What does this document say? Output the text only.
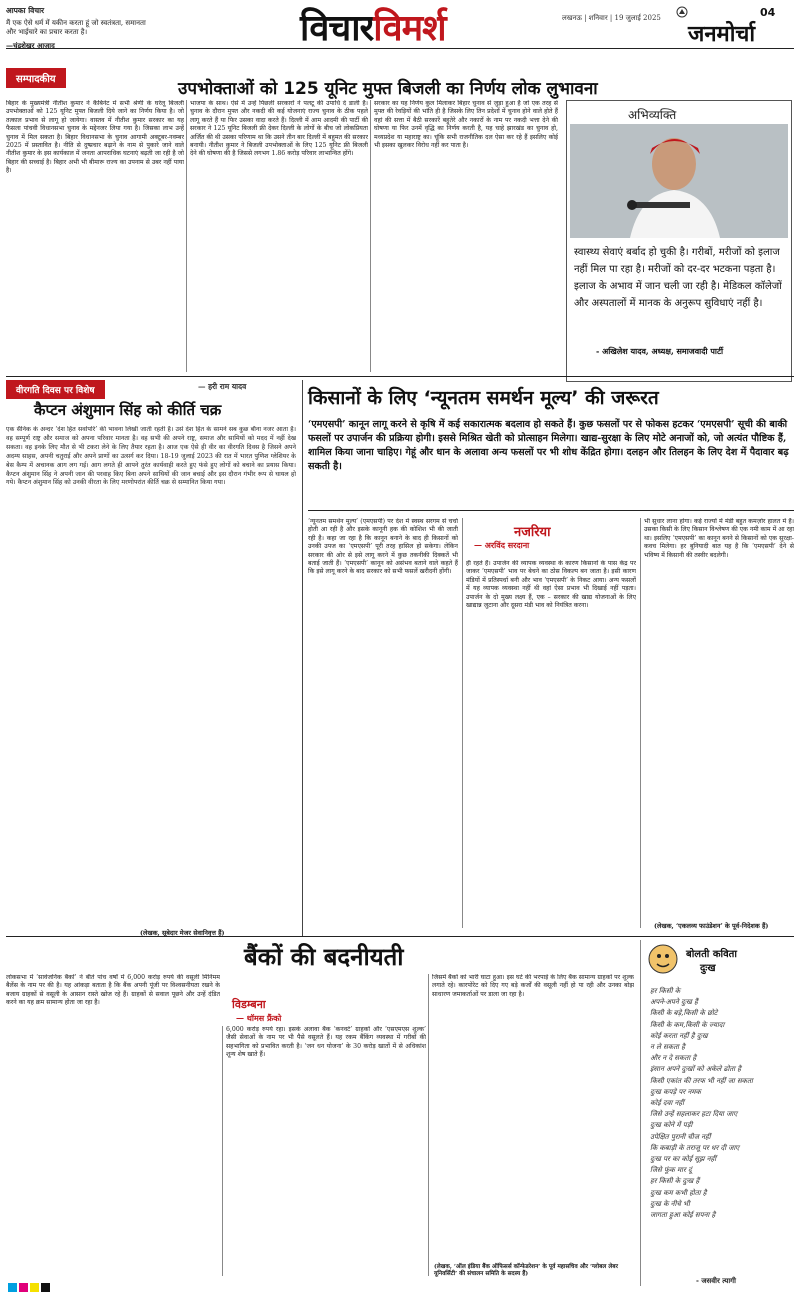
आपका विचार
मैं एक ऐसे धर्म में यकीन करता हूं जो स्वतंत्रता, समानता और भाईचारे का प्रचार करता है।
—चंद्रशेखर आजाद	विचारविमर्श	लखनऊ | शनिवार | 19 जुलाई 2025	04
जनमोर्चा
सम्पादकीय	उपभोक्ताओं को 125 यूनिट मुफ्त बिजली का निर्णय लोक लुभावना
बिहार के मुख्यमंत्री नीतीश कुमार ने कैबिनेट में सभी श्रेणी के घरेलू बिजली उपभोक्ताओं को 125 यूनिट मुफ्त बिजली दिये जाने का निर्णय किया है। जो तत्काल प्रभाव से लागू हो जायेगा। वास्तव में नीतीश कुमार सरकार का यह फैसला पांचवी विधानसभा चुनाव के मद्देनजर लिया गया है। जिसका लाभ उन्हें चुनाव में मिल सकता है। बिहार विधानसभा के चुनाव आगामी अक्टूबर-नवम्बर 2025 में प्रस्तावित है। नीति से दुष्प्रचार बढ़ाने के नाम से पुकारे जाने वाले नीतीश कुमार के इस कार्यकाल में जनता आपराधिक घटनाएं बढ़ती जा रही है जो बिहार की सच्चाई है। बिहार अभी भी बीमारू राज्य का उपनाम से उबर नहीं पाया है।
भाजपा के साथ। ऐसे में उन्हें पिछली सरकारों ने पलटू की उपाधि दे डाली है। चुनाव के दौरान मुफ्त और नकदी की कई योजनाएं राज्य चुनाव के ठीक पहले लागू करते हैं या फिर उसका वादा करते हैं। दिल्ली में आम आदमी की पार्टी की सरकार ने 125 यूनिट बिजली फ्री देकर दिल्ली के लोगों के बीच जो लोकप्रियता अर्जित की थी उसका परिणाम था कि उसने तीन बार दिल्ली में बहुमत की सरकार बनायी। नीतीश कुमार ने बिजली उपभोक्ताओं के लिए 125 यूनिट फ्री बिजली देने की घोषणा की है जिससे लगभग 1.86 करोड़ परिवार लाभान्वित होंगे।
सरकार का यह निर्णय कुल मिलाकर बिहार चुनाव से जुड़ा हुआ है जो एक तरह से मुफ्त की रेवड़ियों की भांति ही है जिसके लिए तिन प्रदेशों में चुनाव होने वाले होते हैं वहां की सत्ता में बैठी सरकारें बहुतेरे और नकारों के नाम पर नकदी भत्ता देने की घोषणा या फिर उनमें वृद्धि का निर्णय करती है, यह चाहे झारखंड का चुनाव हो, मध्यप्रदेश या महाराष्ट्र का। चूंकि सभी राजनीतिक दल ऐसा कर रहे हैं इसलिए कोई भी इसका खुलकर विरोध नहीं कर पाता है।
अभिव्यक्ति
स्वास्थ्य सेवाएं बर्बाद हो चुकी है। गरीबों, मरीजों को इलाज नहीं मिल पा रहा है। मरीजों को दर-दर भटकना पड़ता है। इलाज के अभाव में जान चली जा रही है। मेडिकल कॉलेजों और अस्पतालों में मानक के अनुरूप सुविधाएं नहीं है।
- अखिलेश यादव, अध्यक्ष, समाजवादी पार्टी
वीरगति दिवस पर विशेष	— हरी राम यादव
कैप्टन अंशुमान सिंह को कीर्ति चक्र
एक सैनिक के अन्दर ‘देश हित सर्वोपरि’ की भावना लिखी जाती रहती है। उसे देश हित के सामने सब कुछ बौना नजर आता है। वह सम्पूर्ण राष्ट्र और समाज को अपना परिवार मानता है। वह सभी की अपने राष्ट्र, समाज और सामियों को मदद में नहीं देख सकता। वह इनके लिए मौत से भी टकरा लेने के लिए तैयार रहता है। आज एक ऐसे ही वीर का वीरगति दिवस है जिसने अपने अदम्य साहस, अपनी चतुराई और अपने प्राणों का उत्सर्ग कर दिया। 18-19 जुलाई 2023 की रात में भारत पुणिश ग्लेशियर के बेस कैम्प में अचानक आग लग गई। आग लगते ही आपने तुरंत कार्यवाही करते हुए फंसे हुए लोगों को बचाने का प्रयास किया। कैप्टन अंशुमान सिंह ने अपनी जान की परवाह किए बिना अपने साथियों की जान बचाई और इस दौरान गंभीर रूप से घायल हो गये। कैप्टन अंशुमान सिंह को उनकी वीरता के लिए मरणोपरांत कीर्ति चक्र से सम्मानित किया गया।
(लेखक, सूबेदार मेजर सेवानिवृत्त हैं)
किसानों के लिए ‘न्यूनतम समर्थन मूल्य’ की जरूरत
‘एमएसपी’ कानून लागू करने से कृषि में कई सकारात्मक बदलाव हो सकते हैं। कुछ फसलों पर से फोकस हटकर ‘एमएसपी’ सूची की बाकी फसलों पर उपार्जन की प्रक्रिया होगी। इससे मिश्रित खेती को प्रोत्साहन मिलेगा। खाद्य-सुरक्षा के लिए मोटे अनाजों को, जो अत्यंत पौष्टिक हैं, शामिल किया जाना चाहिए। गेहूं और धान के अलावा अन्य फसलों पर भी शोध केंद्रित होगा। दलहन और तिलहन के लिए देश में पैदावार बढ़ सकती है।
नजरिया
— अरविंद सरदाना
‘न्यूनतम समर्थन मूल्य’ (एमएसपी) पर देश में स्वस्थ सरगम से चर्चा होती आ रही है और इसके कानूनी हक की कोशिश भी की जाती रही है। कहा जा रहा है कि कानून बनाने के बाद ही किसानों को उनकी उपज का ‘एमएसपी’ पूरी तरह हासिल हो सकेगा। लेकिन सरकार की ओर से इसे लागू करने में कुछ तकनीकी दिक्कतें भी बताई जाती हैं। ‘एमएसपी’ कानून को असंभव बताने वाले कहते हैं कि इसे लागू करने के बाद सरकार को सभी फसलें खरीदनी होंगी।
ही रहते हैं। उपार्जन की व्यापक व्यवस्था के कारण किसानों के पास केंद्र पर जाकर ‘एमएसपी’ भाव पर बेचने का ठोस विकल्प बन जाता है। इसी कारण मंडियों में प्रतिस्पर्धा बनी और भाव ‘एमएसपी’ के निकट आया। अन्य फसलों में यह व्यापक व्यवस्था नहीं थी वहां ऐसा प्रभाव भी दिखाई नहीं पड़ता। उपार्जन के दो मुख्य लक्ष्य हैं, एक – सरकार की खाद्य योजनाओं के लिए खाद्यान्न जुटाना और दूसरा मंडी भाव को नियंत्रित करना।
भी सुधार लाना होगा। कई राज्यों में मंडी बहुत कमज़ोर हालत में हैं। उसका किसी के लिए किसान विश्लेषण की एक नमी काम में आ रहा था। इसलिए ‘एमएसपी’ का कानून बनने से किसानों को एक सुरक्षा-कवच मिलेगा। हर बुनियादी बात यह है कि ‘एमएसपी’ देने से भविष्य में किसानी की तस्वीर बदलेगी।
(लेखक, ‘एकलव्य फाउंडेशन’ के पूर्व-निदेशक हैं)
बैंकों की बदनीयती
विडम्बना
— थॉमस फ्रैंको
लोकसभा में ‘सार्वजनिक बैंकों’ ने बीते पांच वर्षों में 6,000 करोड़ रुपये की वसूली मिनिमम बैलेंस के नाम पर की है। यह आंकड़ा बताता है कि बैंक अपनी पूंजी पर विश्वसनीयता रखने के बजाय ग्राहकों से वसूली के आसान रास्ते खोज रहे हैं। ग्राहकों से सवाल पूछने और उन्हें दंडित करने का यह क्रम सामान्य होता जा रहा है।
6,000 करोड़ रुपये रहा। इसके अलावा बैंक ‘कनवर्ट’ ग्राहकों और ‘एसएमएस शुल्क’ जैसी सेवाओं के नाम पर भी पैसे वसूलते हैं। यह रकम बैंकिंग व्यवस्था में गरीबों की सहभागिता को प्रभावित करती है। ‘जन धन योजना’ के 30 करोड़ खातों में से अधिकांश शून्य शेष खाते हैं।
जिसमें बैंकों को भारी घाटा हुआ। इस घटे की भरपाई के लिए बैंक सामान्य ग्राहकों पर शुल्क लगाते रहे। कारपोरेट को दिए गए बड़े कर्जों की वसूली नहीं हो पा रही और उनका बोझ साधारण जमाकर्ताओं पर डाला जा रहा है।
(लेखक, ‘ऑल इंडिया बैंक ऑफिसर्स कॉन्फेडरेशन’ के पूर्व महासचिव और ‘ग्लोबल लेबर यूनिवर्सिटी’ की संचालन समिति के सदस्य हैं)
बोलती कविता
दुःख
हर किसी के
अपने-अपने दुःख हैं
किसी के बड़े,किसी के छोटे
किसी के कम,किसी के ज्यादा
कोई करता नहीं है दुःख
न ले सकता है
और न दे सकता है
इंसान अपने दुःखों को अकेले ढोता है
किसी एकांत की तरफ भी नहीं जा सकता
दुःख कपड़े पर नमक
कोई दवा नहीं
जिसे उन्हें सहलाकर हटा दिया जाए
दुःख कोने में पड़ी
उपेक्षित पुरानी चीज नहीं
कि कबाड़ी के तराजू पर धर दी जाए
दुःख पर का कोई सूझ नहीं
जिसे फूंक मार दूं
हर किसी के दुःख हैं
दुःख कम कभी होता है
दुःख के नीचे भी
जागता हुआ कोई सपना है
- जसवीर त्यागी
